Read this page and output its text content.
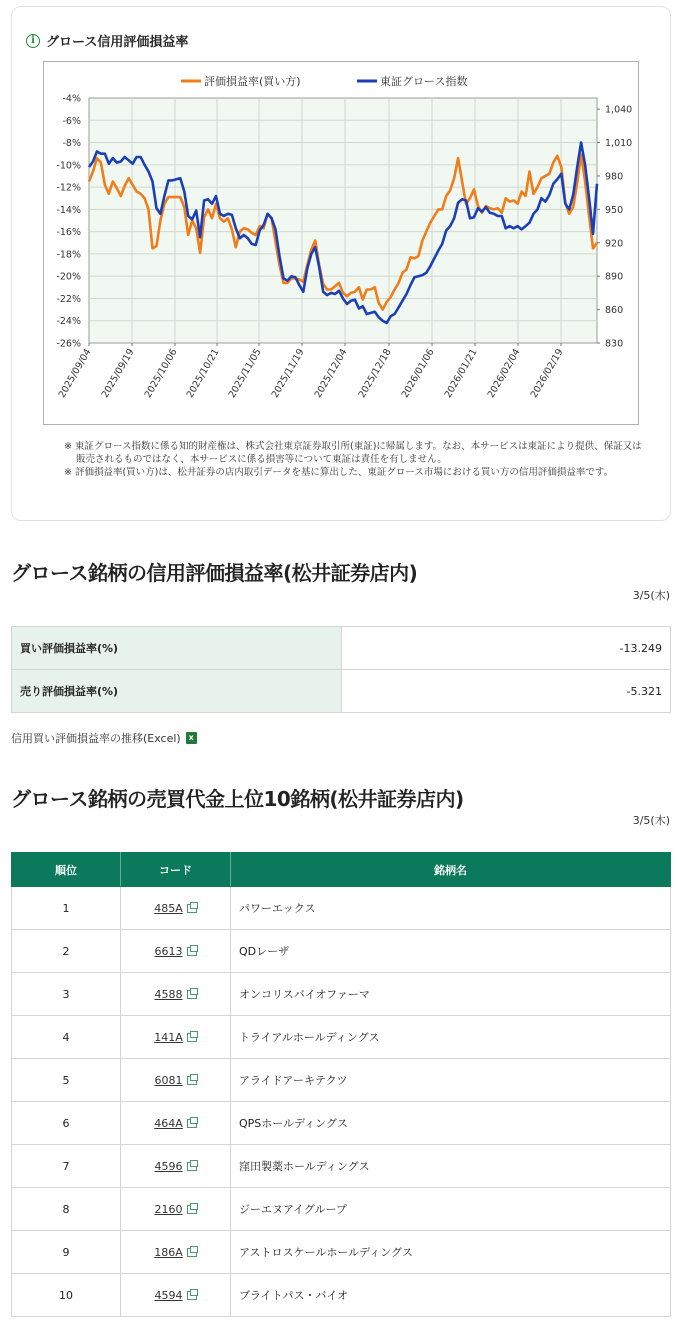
i グロース信用評価損益率
-4%
-6%
-8%
-10%
-12%
-14%
-16%
-18%
-20%
-22%
-24%
-26%
1,040
1,010
980
950
920
890
860
830
2025/09/04 2025/09/19 2025/10/06 2025/10/21 2025/11/05 2025/11/19 2025/12/04 2025/12/18 2026/01/06 2026/01/21 2026/02/04 2026/02/19
評価損益率(買い方)	東証グロース指数

※ 東証グロース指数に係る知的財産権は、株式会社東京証券取引所(東証)に帰属します。なお、本サービスは東証により提供、保証又は販売されるものではなく、本サービスに係る損害等について東証は責任を有しません。

※ 評価損益率(買い方)は、松井証券の店内取引データを基に算出した、東証グロース市場における買い方の信用評価損益率です。

グロース銘柄の信用評価損益率(松井証券店内)
3/5(木)
買い評価損益率(%)	-13.249
売り評価損益率(%)	-5.321
信用買い評価損益率の推移(Excel) x
グロース銘柄の売買代金上位10銘柄(松井証券店内)
3/5(木)
順位	コード	銘柄名
1	485A	パワーエックス
2	6613	QDレーザ
3	4588	オンコリスバイオファーマ
4	141A	トライアルホールディングス
5	6081	アライドアーキテクツ
6	464A	QPSホールディングス
7	4596	窪田製薬ホールディングス
8	2160	ジーエヌアイグループ
9	186A	アストロスケールホールディングス
10	4594	ブライトパス・バイオ
